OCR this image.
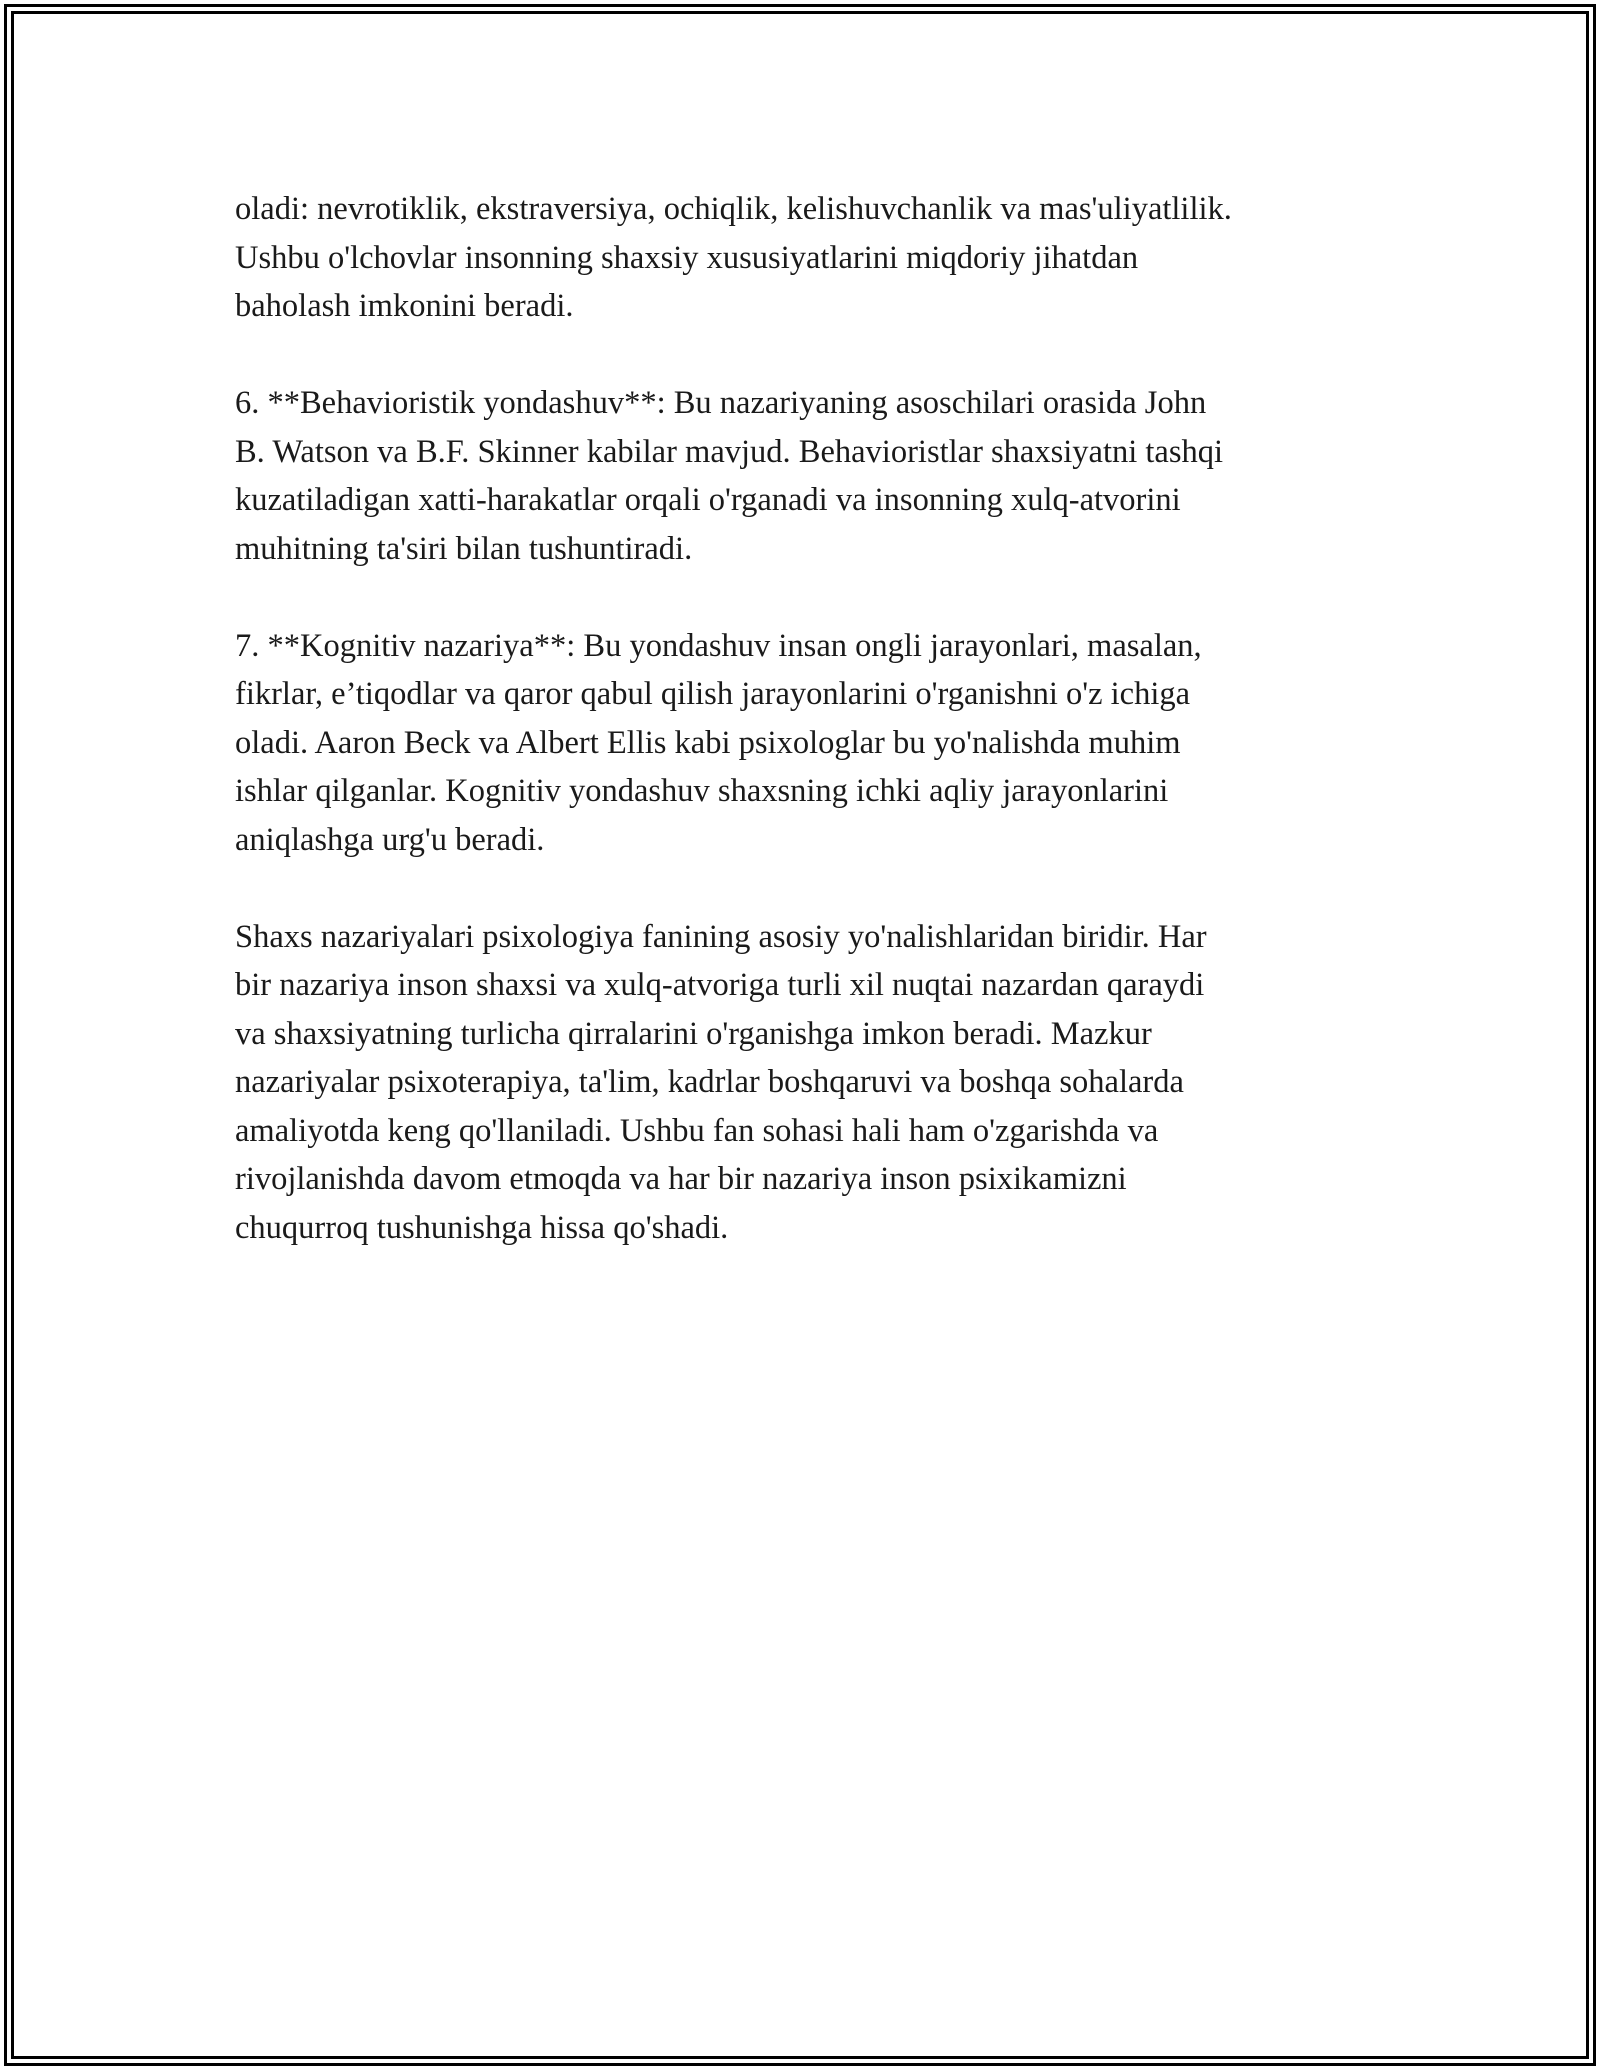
oladi: nevrotiklik, ekstraversiya, ochiqlik, kelishuvchanlik va mas'uliyatlilik.
Ushbu o'lchovlar insonning shaxsiy xususiyatlarini miqdoriy jihatdan
baholash imkonini beradi.

6. **Behavioristik yondashuv**: Bu nazariyaning asoschilari orasida John
B. Watson va B.F. Skinner kabilar mavjud. Behavioristlar shaxsiyatni tashqi
kuzatiladigan xatti-harakatlar orqali o'rganadi va insonning xulq-atvorini
muhitning ta'siri bilan tushuntiradi.

7. **Kognitiv nazariya**: Bu yondashuv insan ongli jarayonlari, masalan,
fikrlar, e’tiqodlar va qaror qabul qilish jarayonlarini o'rganishni o'z ichiga
oladi. Aaron Beck va Albert Ellis kabi psixologlar bu yo'nalishda muhim
ishlar qilganlar. Kognitiv yondashuv shaxsning ichki aqliy jarayonlarini
aniqlashga urg'u beradi.

Shaxs nazariyalari psixologiya fanining asosiy yo'nalishlaridan biridir. Har
bir nazariya inson shaxsi va xulq-atvoriga turli xil nuqtai nazardan qaraydi
va shaxsiyatning turlicha qirralarini o'rganishga imkon beradi. Mazkur
nazariyalar psixoterapiya, ta'lim, kadrlar boshqaruvi va boshqa sohalarda
amaliyotda keng qo'llaniladi. Ushbu fan sohasi hali ham o'zgarishda va
rivojlanishda davom etmoqda va har bir nazariya inson psixikamizni
chuqurroq tushunishga hissa qo'shadi.
